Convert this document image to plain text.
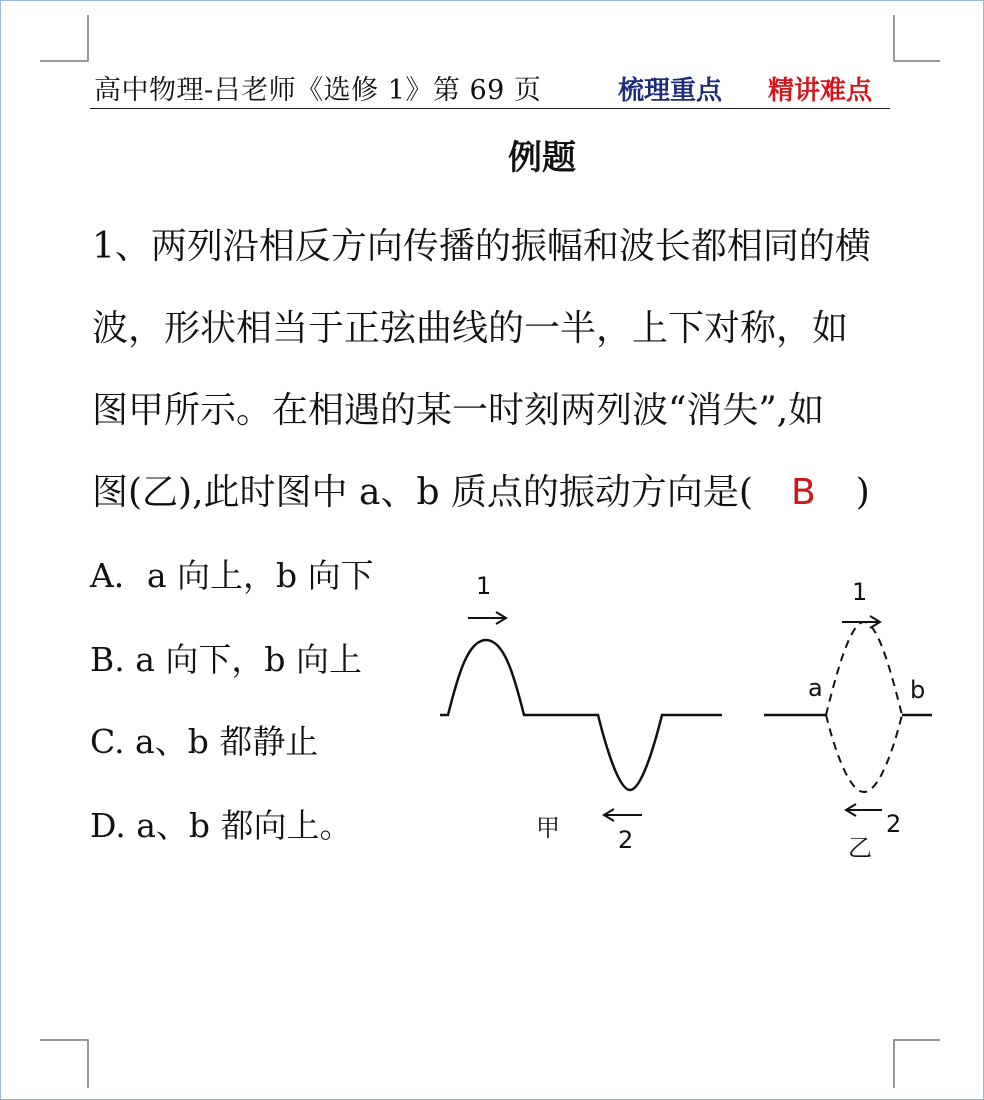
高中物理-吕老师《选修 1》第 69 页	梳理重点 精讲难点
例题
1、两列沿相反方向传播的振幅和波长都相同的横
波，形状相当于正弦曲线的一半，上下对称，如
图甲所示。在相遇的某一时刻两列波“消失”,如
图(乙),此时图中 a、b 质点的振动方向是( B )
A．a 向上，b 向下
B. a 向下，b 向上
C. a、b 都静止
D. a、b 都向上。
1
2
甲
1
a	b
2
乙
